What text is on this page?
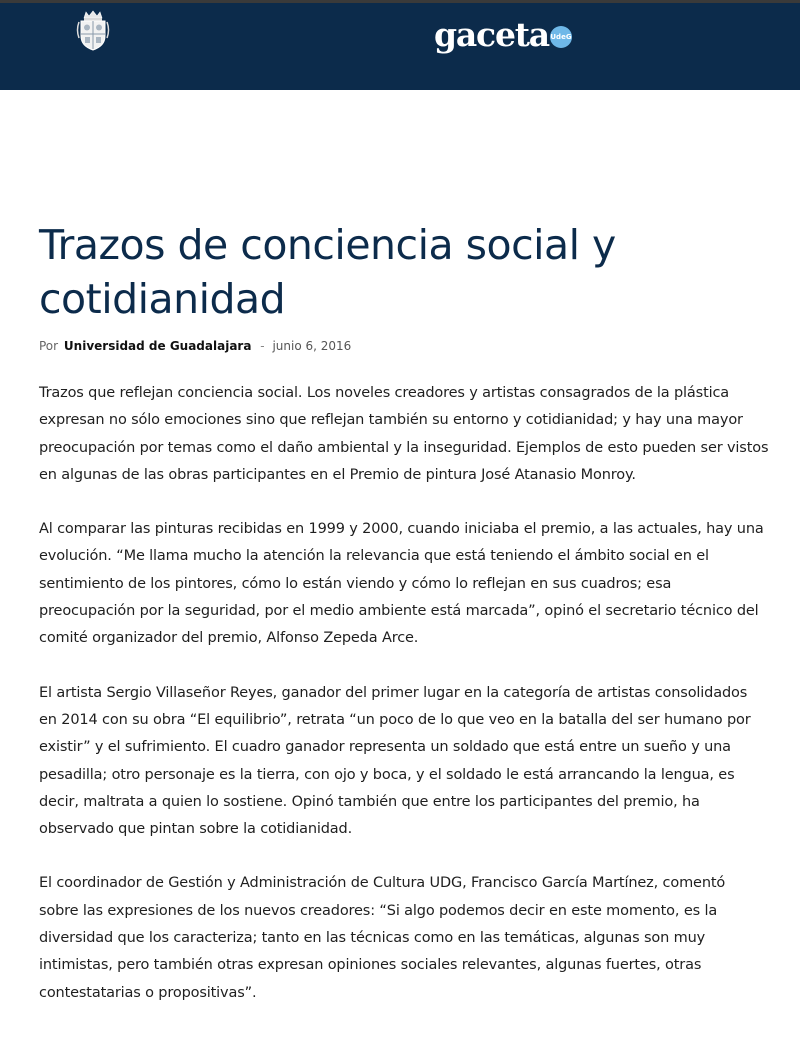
gaceta UdeG
Trazos de conciencia social y cotidianidad
Por Universidad de Guadalajara - junio 6, 2016

Trazos que reflejan conciencia social. Los noveles creadores y artistas consagrados de la plástica expresan no sólo emociones sino que reflejan también su entorno y cotidianidad; y hay una mayor preocupación por temas como el daño ambiental y la inseguridad. Ejemplos de esto pueden ser vistos en algunas de las obras participantes en el Premio de pintura José Atanasio Monroy.

Al comparar las pinturas recibidas en 1999 y 2000, cuando iniciaba el premio, a las actuales, hay una evolución. “Me llama mucho la atención la relevancia que está teniendo el ámbito social en el sentimiento de los pintores, cómo lo están viendo y cómo lo reflejan en sus cuadros; esa preocupación por la seguridad, por el medio ambiente está marcada”, opinó el secretario técnico del comité organizador del premio, Alfonso Zepeda Arce.

El artista Sergio Villaseñor Reyes, ganador del primer lugar en la categoría de artistas consolidados en 2014 con su obra “El equilibrio”, retrata “un poco de lo que veo en la batalla del ser humano por existir” y el sufrimiento. El cuadro ganador representa un soldado que está entre un sueño y una pesadilla; otro personaje es la tierra, con ojo y boca, y el soldado le está arrancando la lengua, es decir, maltrata a quien lo sostiene. Opinó también que entre los participantes del premio, ha observado que pintan sobre la cotidianidad.

El coordinador de Gestión y Administración de Cultura UDG, Francisco García Martínez, comentó sobre las expresiones de los nuevos creadores: “Si algo podemos decir en este momento, es la diversidad que los caracteriza; tanto en las técnicas como en las temáticas, algunas son muy intimistas, pero también otras expresan opiniones sociales relevantes, algunas fuertes, otras contestatarias o propositivas”.
